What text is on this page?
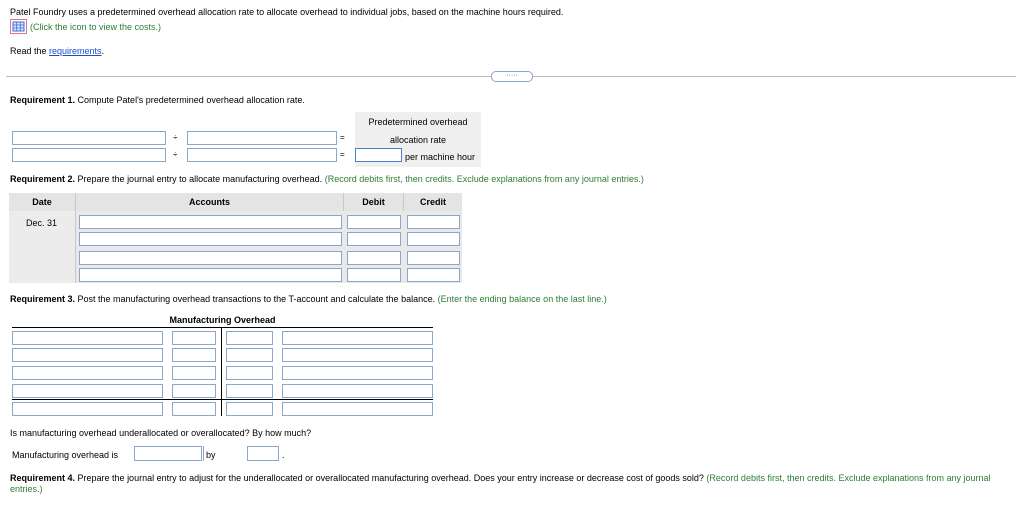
Patel Foundry uses a predetermined overhead allocation rate to allocate overhead to individual jobs, based on the machine hours required.
(Click the icon to view the costs.)
Read the requirements.
·····
Requirement 1. Compute Patel's predetermined overhead allocation rate.
Predetermined overhead
allocation rate
÷	=
÷	=	per machine hour
Requirement 2. Prepare the journal entry to allocate manufacturing overhead. (Record debits first, then credits. Exclude explanations from any journal entries.)
Date	Accounts	Debit	Credit
Dec. 31
Requirement 3. Post the manufacturing overhead transactions to the T-account and calculate the balance. (Enter the ending balance on the last line.)
Manufacturing Overhead
Is manufacturing overhead underallocated or overallocated? By how much?
Manufacturing overhead is	by	.
Requirement 4. Prepare the journal entry to adjust for the underallocated or overallocated manufacturing overhead. Does your entry increase or decrease cost of goods sold? (Record debits first, then credits. Exclude explanations from any journal entries.)
